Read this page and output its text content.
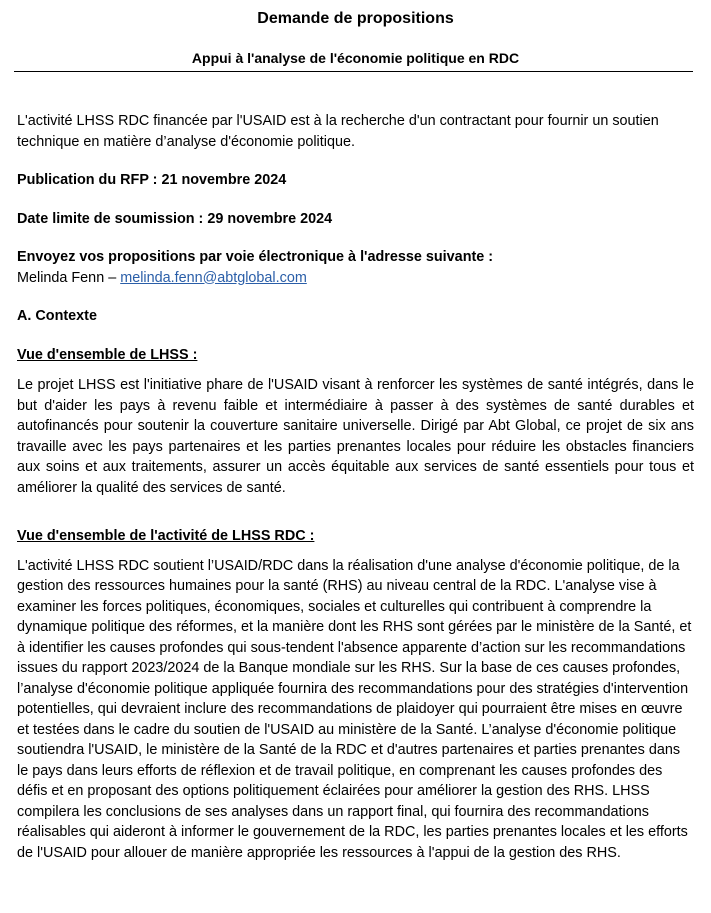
Demande de propositions
Appui à l'analyse de l'économie politique en RDC

L'activité LHSS RDC financée par l'USAID est à la recherche d'un contractant pour fournir un soutien technique en matière d’analyse d'économie politique.

Publication du RFP : 21 novembre 2024

Date limite de soumission : 29 novembre 2024

Envoyez vos propositions par voie électronique à l'adresse suivante :

Melinda Fenn – melinda.fenn@abtglobal.com

A. Contexte

Vue d'ensemble de LHSS :

Le projet LHSS est l'initiative phare de l'USAID visant à renforcer les systèmes de santé intégrés, dans le but d'aider les pays à revenu faible et intermédiaire à passer à des systèmes de santé durables et autofinancés pour soutenir la couverture sanitaire universelle. Dirigé par Abt Global, ce projet de six ans travaille avec les pays partenaires et les parties prenantes locales pour réduire les obstacles financiers aux soins et aux traitements, assurer un accès équitable aux services de santé essentiels pour tous et améliorer la qualité des services de santé.

Vue d'ensemble de l'activité de LHSS RDC :

L'activité LHSS RDC soutient l’USAID/RDC dans la réalisation d'une analyse d'économie politique, de la gestion des ressources humaines pour la santé (RHS) au niveau central de la RDC. L'analyse vise à examiner les forces politiques, économiques, sociales et culturelles qui contribuent à comprendre la dynamique politique des réformes, et la manière dont les RHS sont gérées par le ministère de la Santé, et à identifier les causes profondes qui sous-tendent l'absence apparente d’action sur les recommandations issues du rapport 2023/2024 de la Banque mondiale sur les RHS. Sur la base de ces causes profondes, l’analyse d'économie politique appliquée fournira des recommandations pour des stratégies d'intervention potentielles, qui devraient inclure des recommandations de plaidoyer qui pourraient être mises en œuvre et testées dans le cadre du soutien de l'USAID au ministère de la Santé. L’analyse d'économie politique soutiendra l'USAID, le ministère de la Santé de la RDC et d'autres partenaires et parties prenantes dans le pays dans leurs efforts de réflexion et de travail politique, en comprenant les causes profondes des défis et en proposant des options politiquement éclairées pour améliorer la gestion des RHS. LHSS compilera les conclusions de ses analyses dans un rapport final, qui fournira des recommandations réalisables qui aideront à informer le gouvernement de la RDC, les parties prenantes locales et les efforts de l'USAID pour allouer de manière appropriée les ressources à l'appui de la gestion des RHS.
